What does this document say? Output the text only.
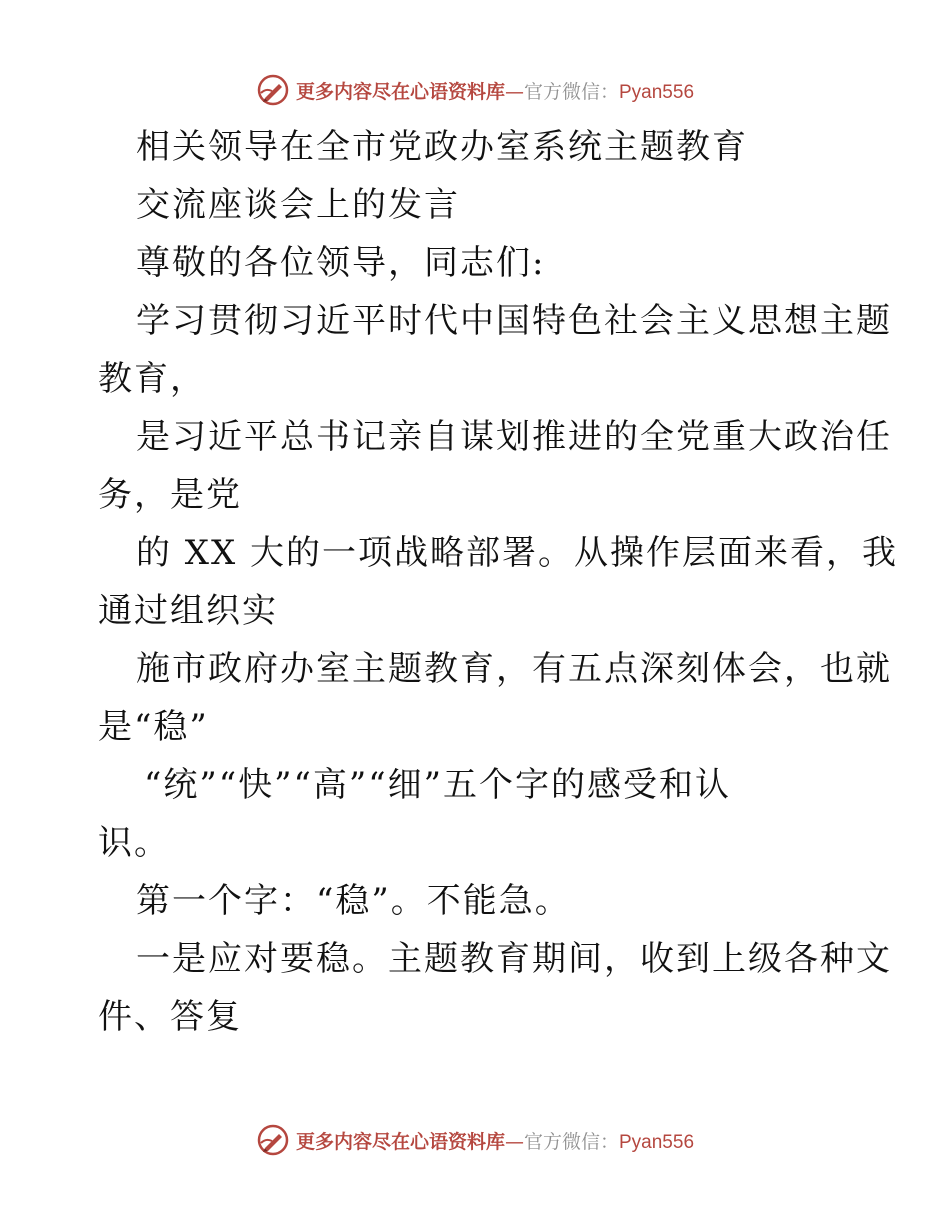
更多内容尽在心语资料库—官方微信：Pyan556
相关领导在全市党政办室系统主题教育
交流座谈会上的发言
尊敬的各位领导，同志们:
学习贯彻习近平时代中国特色社会主义思想主题
教育，
是习近平总书记亲自谋划推进的全党重大政治任
务，是党
的 XX 大的一项战略部署。从操作层面来看，我
通过组织实
施市政府办室主题教育，有五点深刻体会，也就
是“稳”
“统”“快”“高”“细”五个字的感受和认
识。
第一个字：“稳”。不能急。
一是应对要稳。主题教育期间，收到上级各种文
件、答复
更多内容尽在心语资料库—官方微信：Pyan556
